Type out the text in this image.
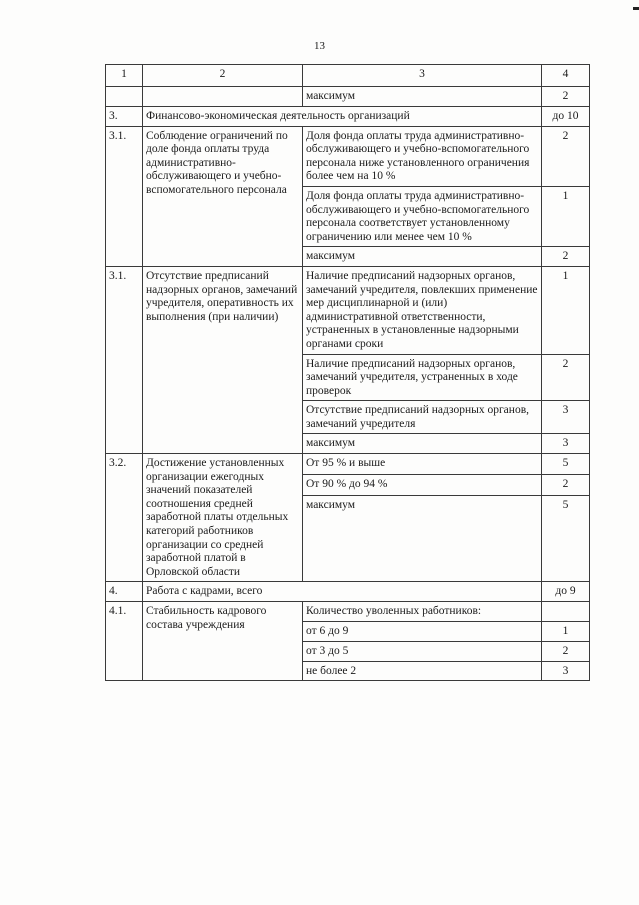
13
1	2	3	4
		максимум	2
3.	Финансово-экономическая деятельность организаций		до 10
3.1.	Соблюдение ограничений по доле фонда оплаты труда административно-обслуживающего и учебно-вспомогательного персонала	Доля фонда оплаты труда административно-обслуживающего и учебно-вспомогательного персонала ниже установленного ограничения более чем на 10 %	2
		Доля фонда оплаты труда административно-обслуживающего и учебно-вспомогательного персонала соответствует установленному ограничению или менее чем 10 %	1
		максимум	2
3.1.	Отсутствие предписаний надзорных органов, замечаний учредителя, оперативность их выполнения (при наличии)	Наличие предписаний надзорных органов, замечаний учредителя, повлекших применение мер дисциплинарной и (или) административной ответственности, устраненных в установленные надзорными органами сроки	1
		Наличие предписаний надзорных органов, замечаний учредителя, устраненных в ходе проверок	2
		Отсутствие предписаний надзорных органов, замечаний учредителя	3
		максимум	3
3.2.	Достижение установленных организации ежегодных значений показателей соотношения средней заработной платы отдельных категорий работников организации со средней заработной платой в Орловской области	От 95 % и выше	5
		От 90 % до 94 %	2
		максимум	5
4.	Работа с кадрами, всего		до 9
4.1.	Стабильность кадрового состава учреждения	Количество уволенных работников:	
		от 6 до 9	1
		от 3 до 5	2
		не более 2	3
